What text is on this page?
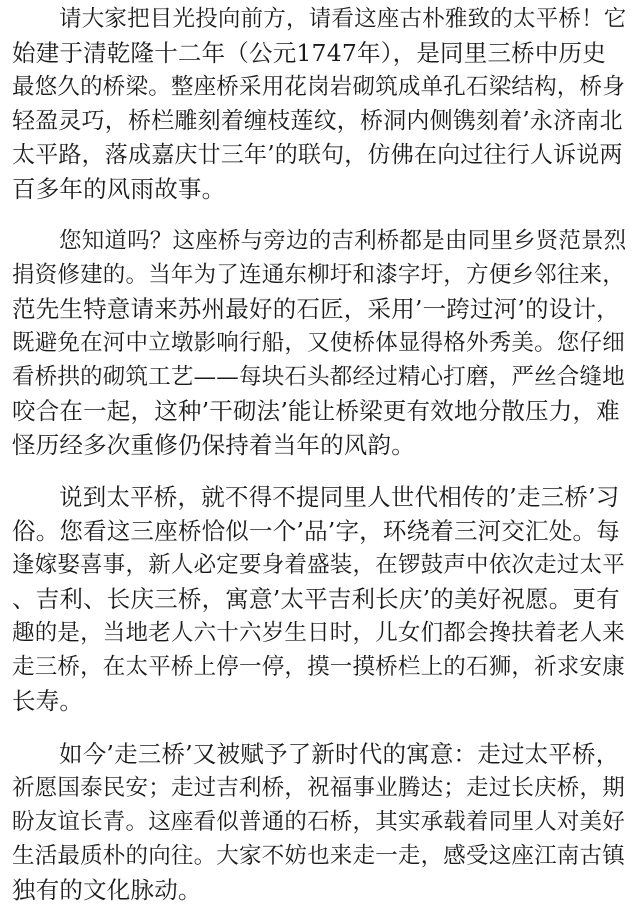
请大家把目光投向前方，请看这座古朴雅致的太平桥！它
始建于清乾隆十二年（公元1747年），是同里三桥中历史
最悠久的桥梁。整座桥采用花岗岩砌筑成单孔石梁结构，桥身
轻盈灵巧，桥栏雕刻着缠枝莲纹，桥洞内侧镌刻着’永济南北
太平路，落成嘉庆廿三年’的联句，仿佛在向过往行人诉说两
百多年的风雨故事。
您知道吗？这座桥与旁边的吉利桥都是由同里乡贤范景烈
捐资修建的。当年为了连通东柳圩和漆字圩，方便乡邻往来，
范先生特意请来苏州最好的石匠，采用’一跨过河’的设计，
既避免在河中立墩影响行船，又使桥体显得格外秀美。您仔细
看桥拱的砌筑工艺——每块石头都经过精心打磨，严丝合缝地
咬合在一起，这种’干砌法’能让桥梁更有效地分散压力，难
怪历经多次重修仍保持着当年的风韵。
说到太平桥，就不得不提同里人世代相传的’走三桥’习
俗。您看这三座桥恰似一个’品’字，环绕着三河交汇处。每
逢嫁娶喜事，新人必定要身着盛装，在锣鼓声中依次走过太平
、吉利、长庆三桥，寓意’太平吉利长庆’的美好祝愿。更有
趣的是，当地老人六十六岁生日时，儿女们都会搀扶着老人来
走三桥，在太平桥上停一停，摸一摸桥栏上的石狮，祈求安康
长寿。
如今’走三桥’又被赋予了新时代的寓意：走过太平桥，
祈愿国泰民安；走过吉利桥，祝福事业腾达；走过长庆桥，期
盼友谊长青。这座看似普通的石桥，其实承载着同里人对美好
生活最质朴的向往。大家不妨也来走一走，感受这座江南古镇
独有的文化脉动。
